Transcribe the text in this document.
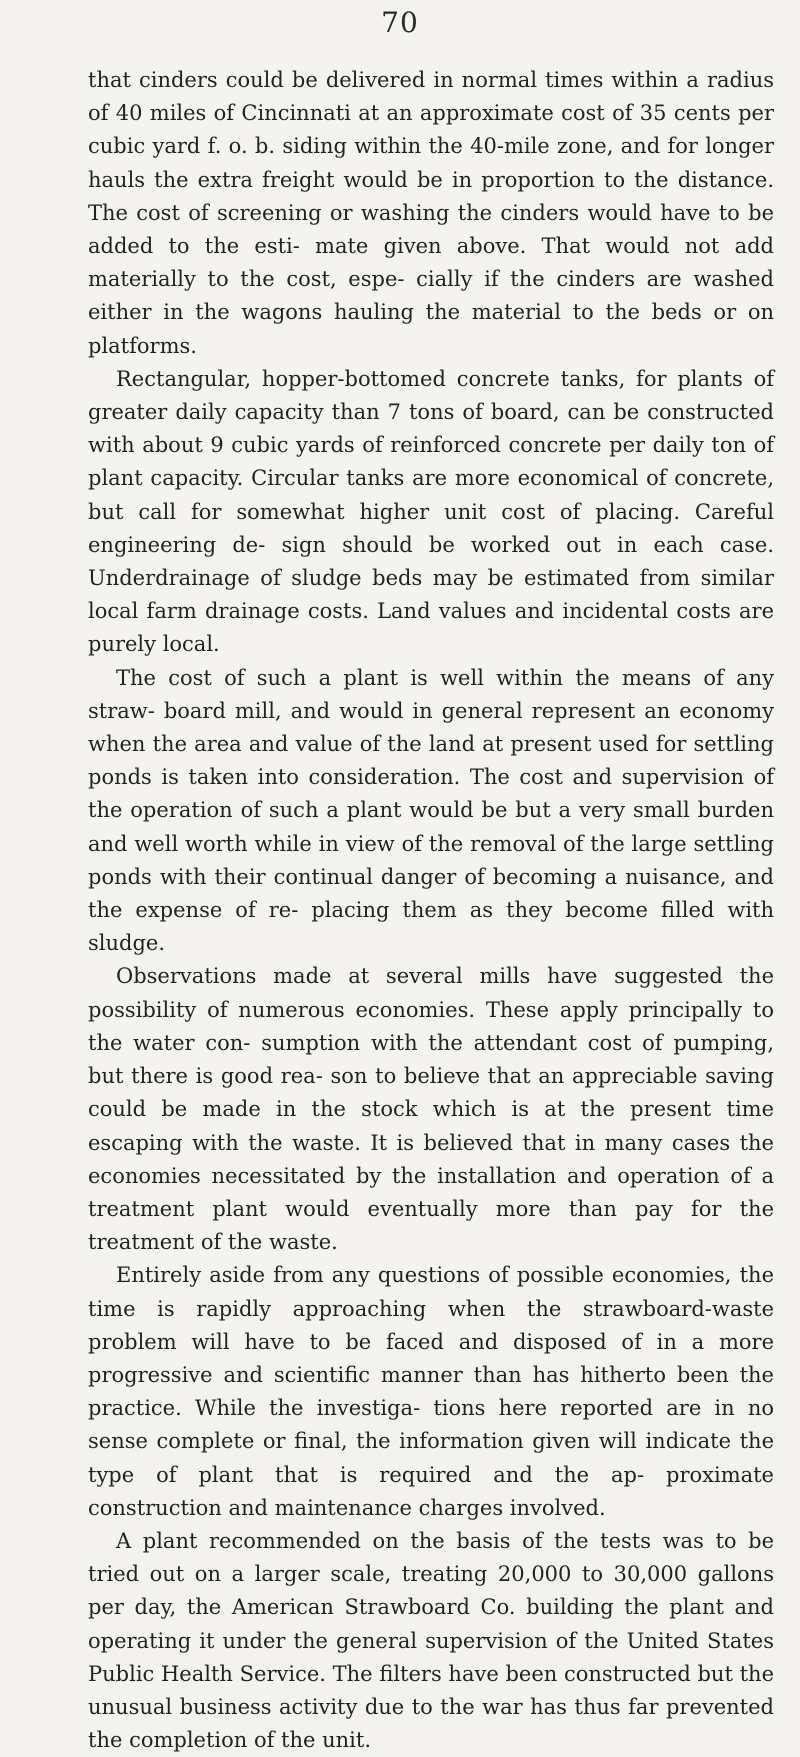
70

that cinders could be delivered in normal times within a radius of 40 miles of Cincinnati at an approximate cost of 35 cents per cubic yard f. o. b. siding within the 40-mile zone, and for longer hauls the extra freight would be in proportion to the distance. The cost of screening or washing the cinders would have to be added to the esti- mate given above. That would not add materially to the cost, espe- cially if the cinders are washed either in the wagons hauling the material to the beds or on platforms.

Rectangular, hopper-bottomed concrete tanks, for plants of greater daily capacity than 7 tons of board, can be constructed with about 9 cubic yards of reinforced concrete per daily ton of plant capacity. Circular tanks are more economical of concrete, but call for somewhat higher unit cost of placing. Careful engineering de- sign should be worked out in each case. Underdrainage of sludge beds may be estimated from similar local farm drainage costs. Land values and incidental costs are purely local.

The cost of such a plant is well within the means of any straw- board mill, and would in general represent an economy when the area and value of the land at present used for settling ponds is taken into consideration. The cost and supervision of the operation of such a plant would be but a very small burden and well worth while in view of the removal of the large settling ponds with their continual danger of becoming a nuisance, and the expense of re- placing them as they become filled with sludge.

Observations made at several mills have suggested the possibility of numerous economies. These apply principally to the water con- sumption with the attendant cost of pumping, but there is good rea- son to believe that an appreciable saving could be made in the stock which is at the present time escaping with the waste. It is believed that in many cases the economies necessitated by the installation and operation of a treatment plant would eventually more than pay for the treatment of the waste.

Entirely aside from any questions of possible economies, the time is rapidly approaching when the strawboard-waste problem will have to be faced and disposed of in a more progressive and scientific manner than has hitherto been the practice. While the investiga- tions here reported are in no sense complete or final, the information given will indicate the type of plant that is required and the ap- proximate construction and maintenance charges involved.

A plant recommended on the basis of the tests was to be tried out on a larger scale, treating 20,000 to 30,000 gallons per day, the American Strawboard Co. building the plant and operating it under the general supervision of the United States Public Health Service. The filters have been constructed but the unusual business activity due to the war has thus far prevented the completion of the unit.
